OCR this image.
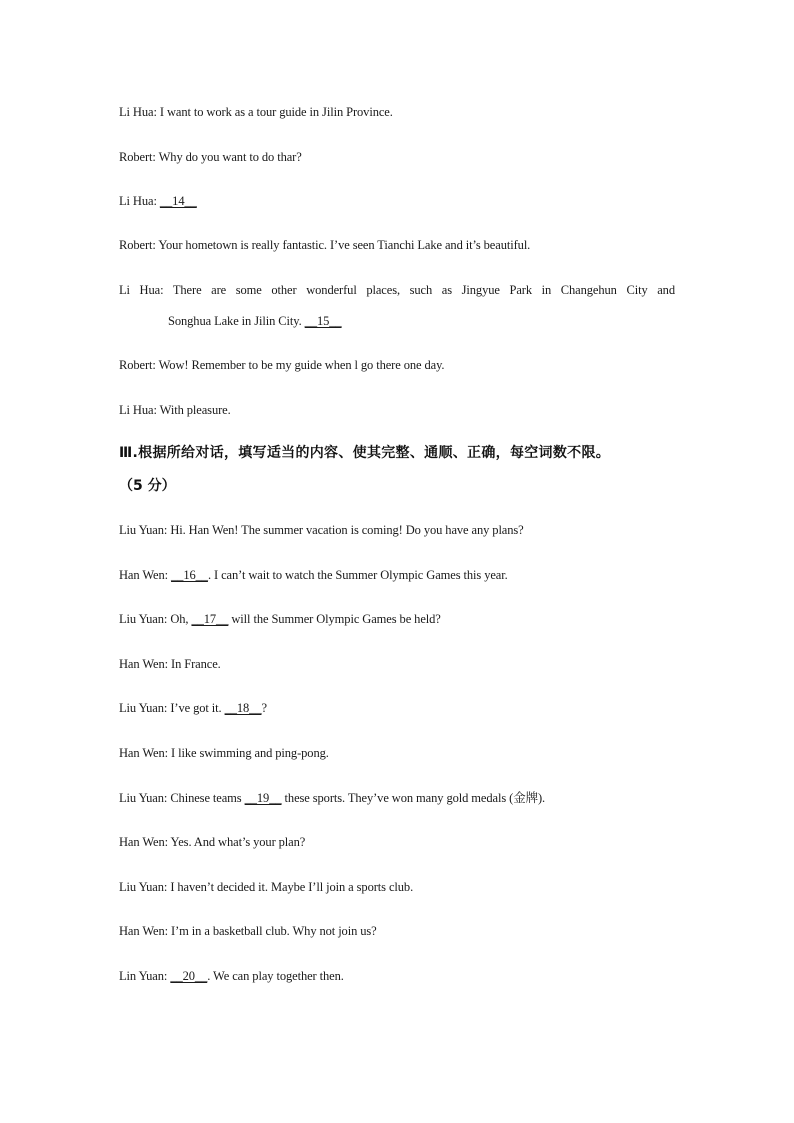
Li Hua: I want to work as a tour guide in Jilin Province.
Robert: Why do you want to do thar?
Li Hua: __14__
Robert: Your hometown is really fantastic. I’ve seen Tianchi Lake and it’s beautiful.
Li Hua: There are some other wonderful places, such as Jingyue Park in Changehun City and
Songhua Lake in Jilin City. __15__
Robert: Wow! Remember to be my guide when l go there one day.
Li Hua: With pleasure.
Ⅲ.根据所给对话，填写适当的内容、使其完整、通顺、正确，每空词数不限。
（5 分）
Liu Yuan: Hi. Han Wen! The summer vacation is coming! Do you have any plans?
Han Wen: __16__. I can’t wait to watch the Summer Olympic Games this year.
Liu Yuan: Oh, __17__ will the Summer Olympic Games be held?
Han Wen: In France.
Liu Yuan: I’ve got it. __18__?
Han Wen: I like swimming and ping-pong.
Liu Yuan: Chinese teams __19__ these sports. They’ve won many gold medals (金牌).
Han Wen: Yes. And what’s your plan?
Liu Yuan: I haven’t decided it. Maybe I’ll join a sports club.
Han Wen: I’m in a basketball club. Why not join us?
Lin Yuan: __20__. We can play together then.
